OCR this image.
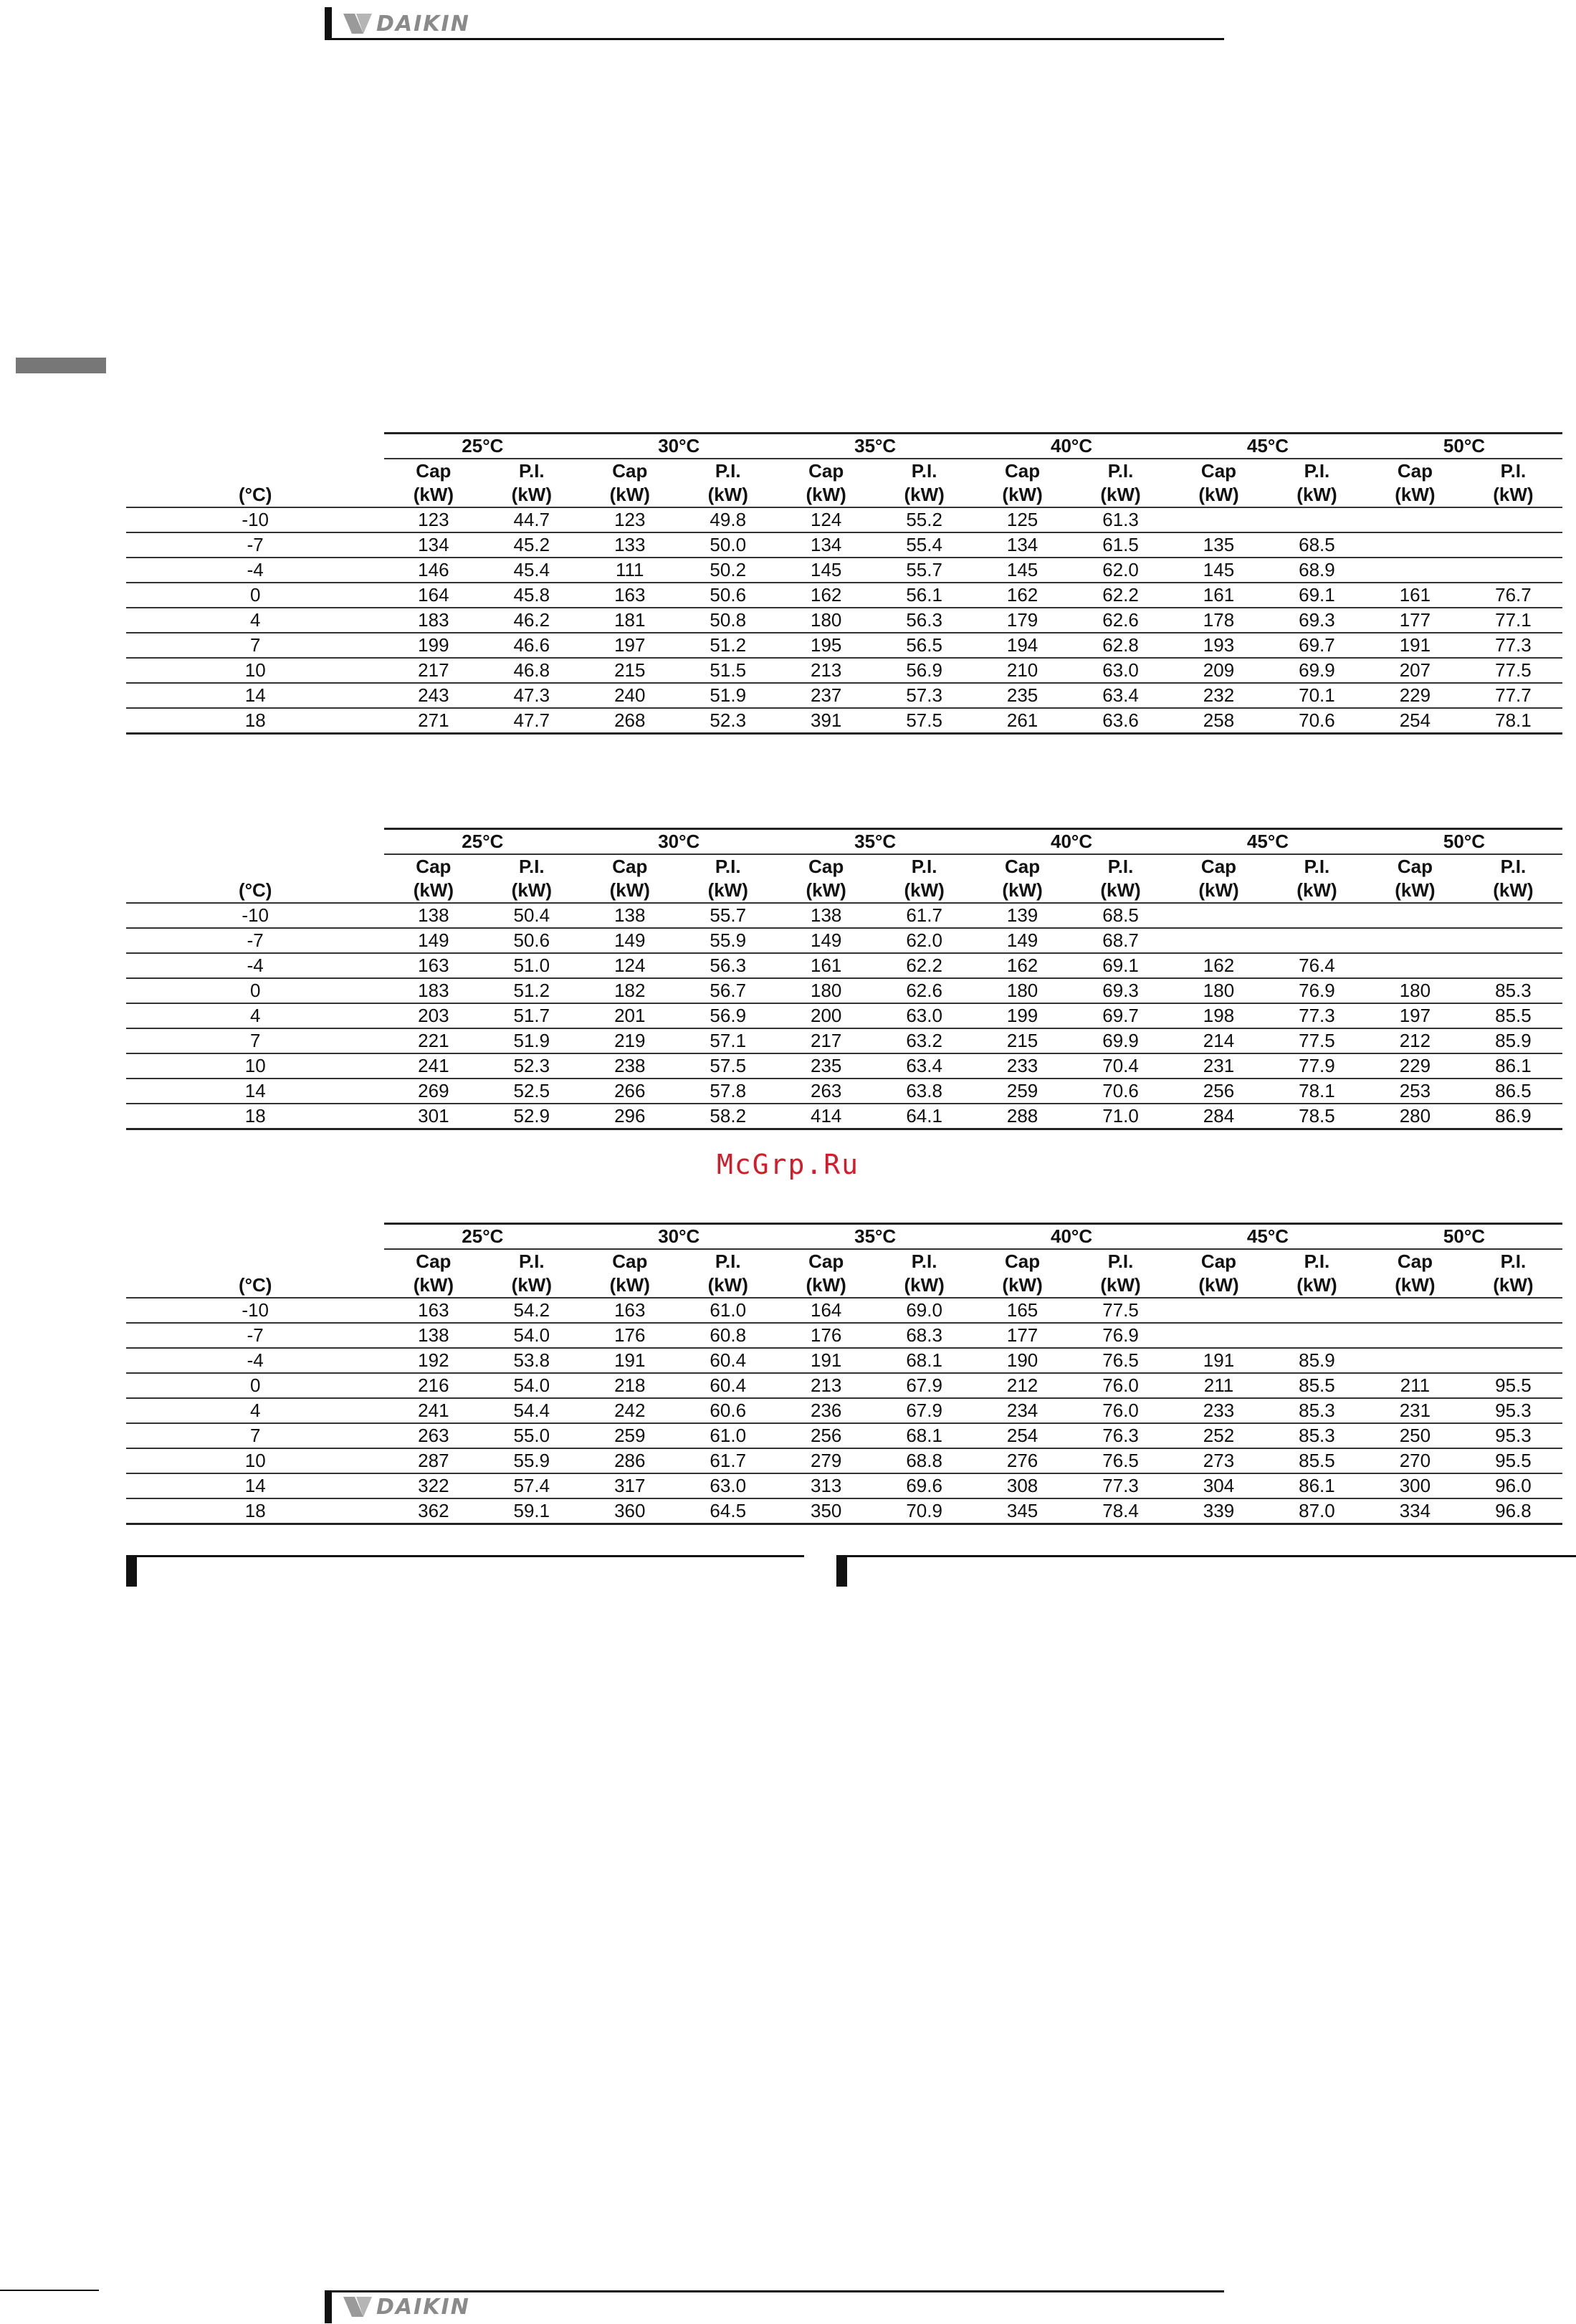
DAIKIN
	25°C		30°C		35°C		40°C		45°C		50°C	
	Cap	P.I.	Cap	P.I.	Cap	P.I.	Cap	P.I.	Cap	P.I.	Cap	P.I.
(°C)	(kW)	(kW)	(kW)	(kW)	(kW)	(kW)	(kW)	(kW)	(kW)	(kW)	(kW)	(kW)
-10	123	44.7	123	49.8	124	55.2	125	61.3				
-7	134	45.2	133	50.0	134	55.4	134	61.5	135	68.5		
-4	146	45.4	111	50.2	145	55.7	145	62.0	145	68.9		
0	164	45.8	163	50.6	162	56.1	162	62.2	161	69.1	161	76.7
4	183	46.2	181	50.8	180	56.3	179	62.6	178	69.3	177	77.1
7	199	46.6	197	51.2	195	56.5	194	62.8	193	69.7	191	77.3
10	217	46.8	215	51.5	213	56.9	210	63.0	209	69.9	207	77.5
14	243	47.3	240	51.9	237	57.3	235	63.4	232	70.1	229	77.7
18	271	47.7	268	52.3	391	57.5	261	63.6	258	70.6	254	78.1
	25°C		30°C		35°C		40°C		45°C		50°C	
	Cap	P.I.	Cap	P.I.	Cap	P.I.	Cap	P.I.	Cap	P.I.	Cap	P.I.
(°C)	(kW)	(kW)	(kW)	(kW)	(kW)	(kW)	(kW)	(kW)	(kW)	(kW)	(kW)	(kW)
-10	138	50.4	138	55.7	138	61.7	139	68.5				
-7	149	50.6	149	55.9	149	62.0	149	68.7				
-4	163	51.0	124	56.3	161	62.2	162	69.1	162	76.4		
0	183	51.2	182	56.7	180	62.6	180	69.3	180	76.9	180	85.3
4	203	51.7	201	56.9	200	63.0	199	69.7	198	77.3	197	85.5
7	221	51.9	219	57.1	217	63.2	215	69.9	214	77.5	212	85.9
10	241	52.3	238	57.5	235	63.4	233	70.4	231	77.9	229	86.1
14	269	52.5	266	57.8	263	63.8	259	70.6	256	78.1	253	86.5
18	301	52.9	296	58.2	414	64.1	288	71.0	284	78.5	280	86.9
McGrp.Ru
	25°C		30°C		35°C		40°C		45°C		50°C	
	Cap	P.I.	Cap	P.I.	Cap	P.I.	Cap	P.I.	Cap	P.I.	Cap	P.I.
(°C)	(kW)	(kW)	(kW)	(kW)	(kW)	(kW)	(kW)	(kW)	(kW)	(kW)	(kW)	(kW)
-10	163	54.2	163	61.0	164	69.0	165	77.5				
-7	138	54.0	176	60.8	176	68.3	177	76.9				
-4	192	53.8	191	60.4	191	68.1	190	76.5	191	85.9		
0	216	54.0	218	60.4	213	67.9	212	76.0	211	85.5	211	95.5
4	241	54.4	242	60.6	236	67.9	234	76.0	233	85.3	231	95.3
7	263	55.0	259	61.0	256	68.1	254	76.3	252	85.3	250	95.3
10	287	55.9	286	61.7	279	68.8	276	76.5	273	85.5	270	95.5
14	322	57.4	317	63.0	313	69.6	308	77.3	304	86.1	300	96.0
18	362	59.1	360	64.5	350	70.9	345	78.4	339	87.0	334	96.8
DAIKIN
